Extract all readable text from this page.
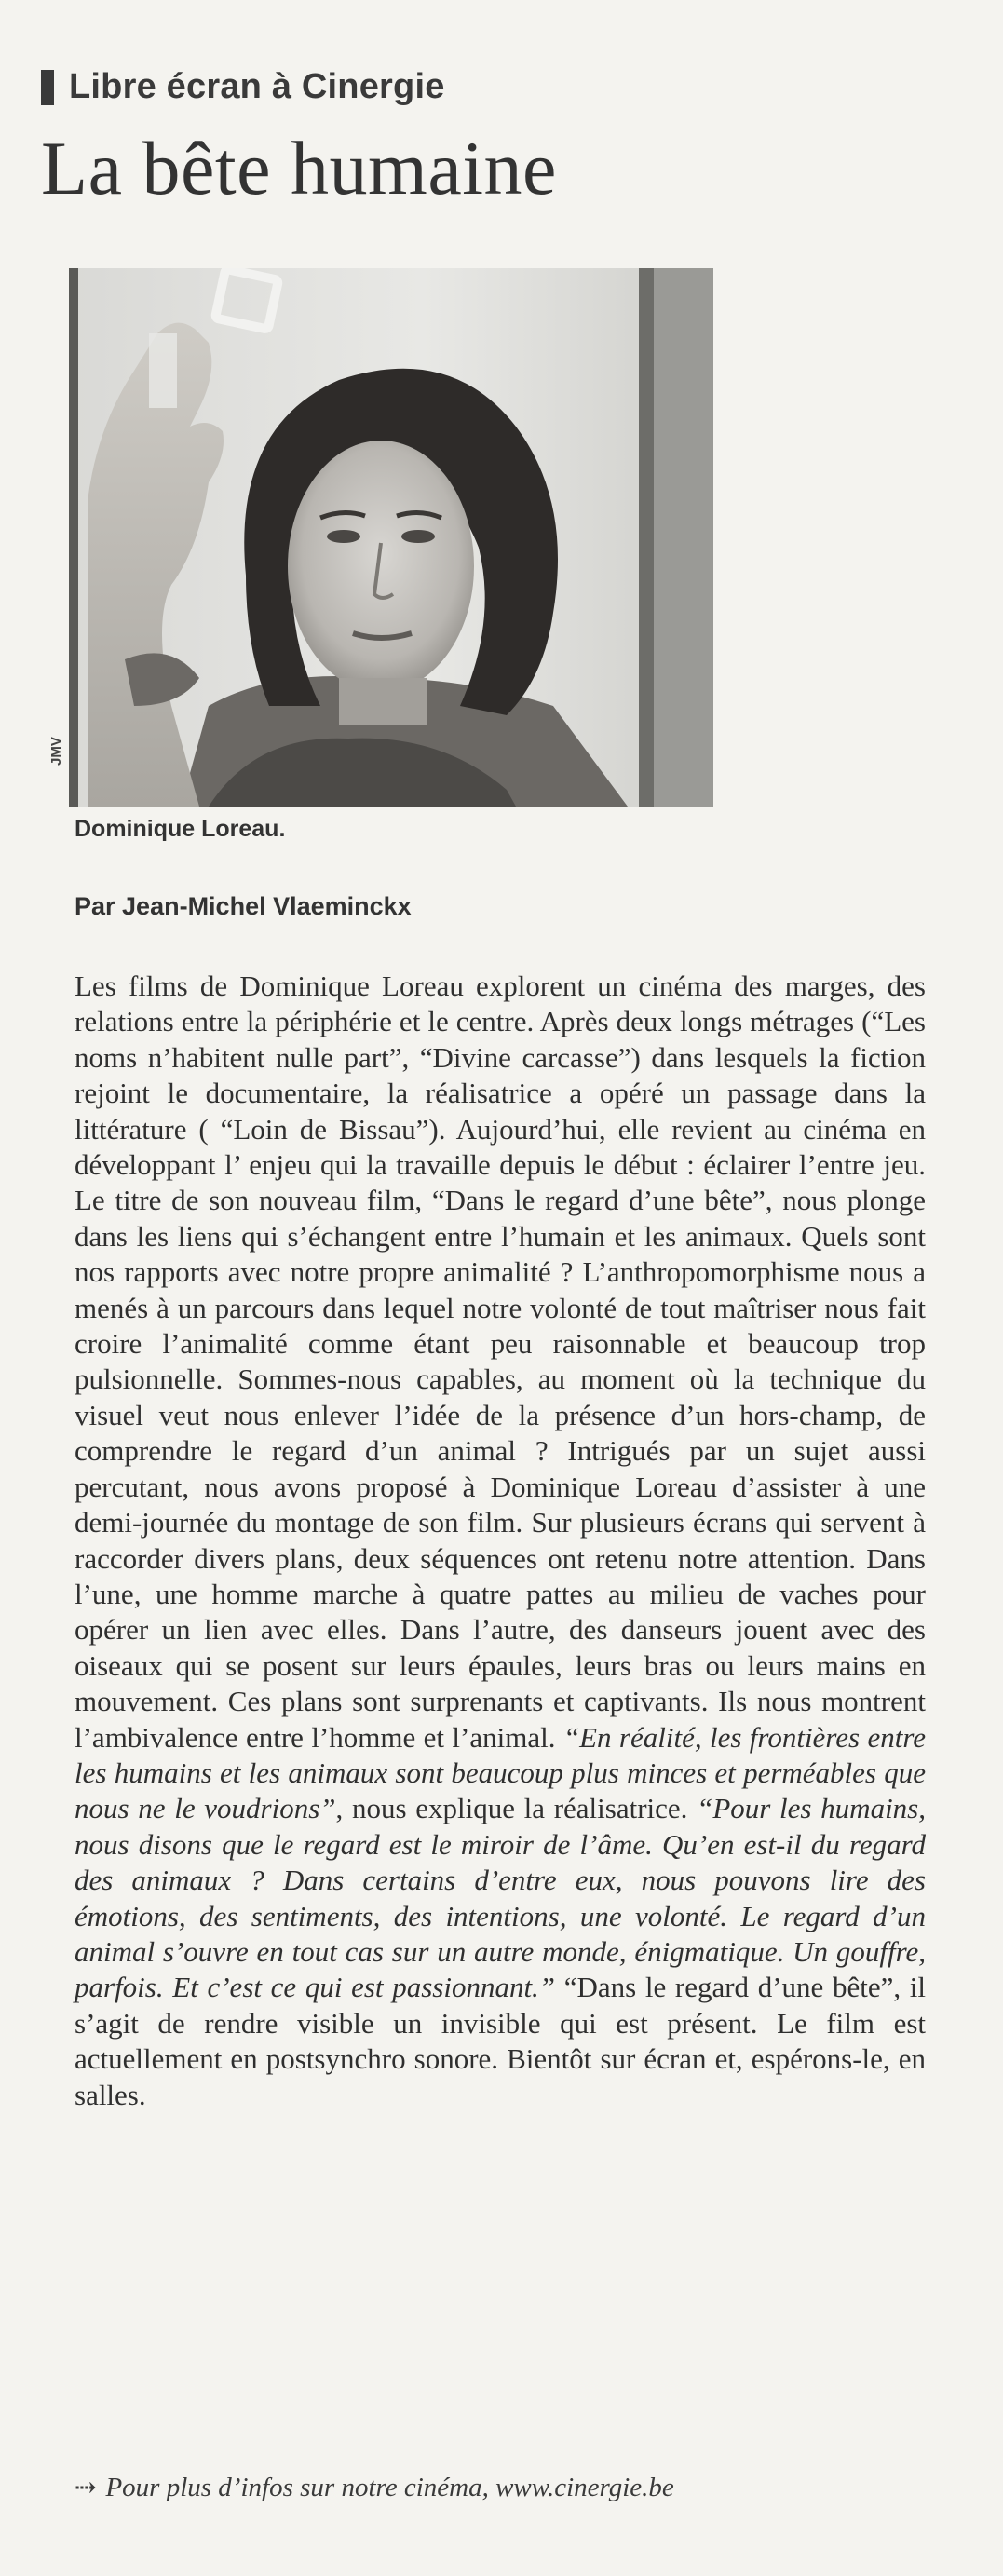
Libre écran à Cinergie
La bête humaine
JMV
Dominique Loreau.
Par Jean-Michel Vlaeminckx

Les films de Dominique Loreau explorent un cinéma des marges, des relations entre la périphérie et le centre. Après deux longs métrages (“Les noms n’habitent nulle part”, “Divine carcasse”) dans lesquels la fiction rejoint le documentaire, la réalisatrice a opéré un passage dans la littérature ( “Loin de Bissau”). Aujourd’hui, elle revient au cinéma en développant l’ enjeu qui la travaille depuis le début : éclairer l’entre jeu. Le titre de son nouveau film, “Dans le regard d’une bête”, nous plonge dans les liens qui s’échangent entre l’humain et les animaux. Quels sont nos rapports avec notre propre animalité ? L’anthropomorphisme nous a menés à un parcours dans lequel notre volonté de tout maîtriser nous fait croire l’animalité comme étant peu raisonnable et beaucoup trop pulsionnelle. Sommes-nous capables, au moment où la technique du visuel veut nous enlever l’idée de la présence d’un hors-champ, de comprendre le regard d’un animal ? Intrigués par un sujet aussi percutant, nous avons proposé à Dominique Loreau d’assister à une demi-journée du montage de son film. Sur plusieurs écrans qui servent à raccorder divers plans, deux séquences ont retenu notre attention. Dans l’une, une homme marche à quatre pattes au milieu de vaches pour opérer un lien avec elles. Dans l’autre, des danseurs jouent avec des oiseaux qui se posent sur leurs épaules, leurs bras ou leurs mains en mouvement. Ces plans sont surprenants et captivants. Ils nous montrent l’ambivalence entre l’homme et l’animal. “En réalité, les frontières entre les humains et les animaux sont beaucoup plus minces et perméables que nous ne le voudrions”, nous explique la réalisatrice. “Pour les humains, nous disons que le regard est le miroir de l’âme. Qu’en est-il du regard des animaux ? Dans certains d’entre eux, nous pouvons lire des émotions, des sentiments, des intentions, une volonté. Le regard d’un animal s’ouvre en tout cas sur un autre monde, énigmatique. Un gouffre, parfois. Et c’est ce qui est passionnant.” “Dans le regard d’une bête”, il s’agit de rendre visible un invisible qui est présent. Le film est actuellement en postsynchro sonore. Bientôt sur écran et, espérons-le, en salles.

⇢ Pour plus d’infos sur notre cinéma, www.cinergie.be
